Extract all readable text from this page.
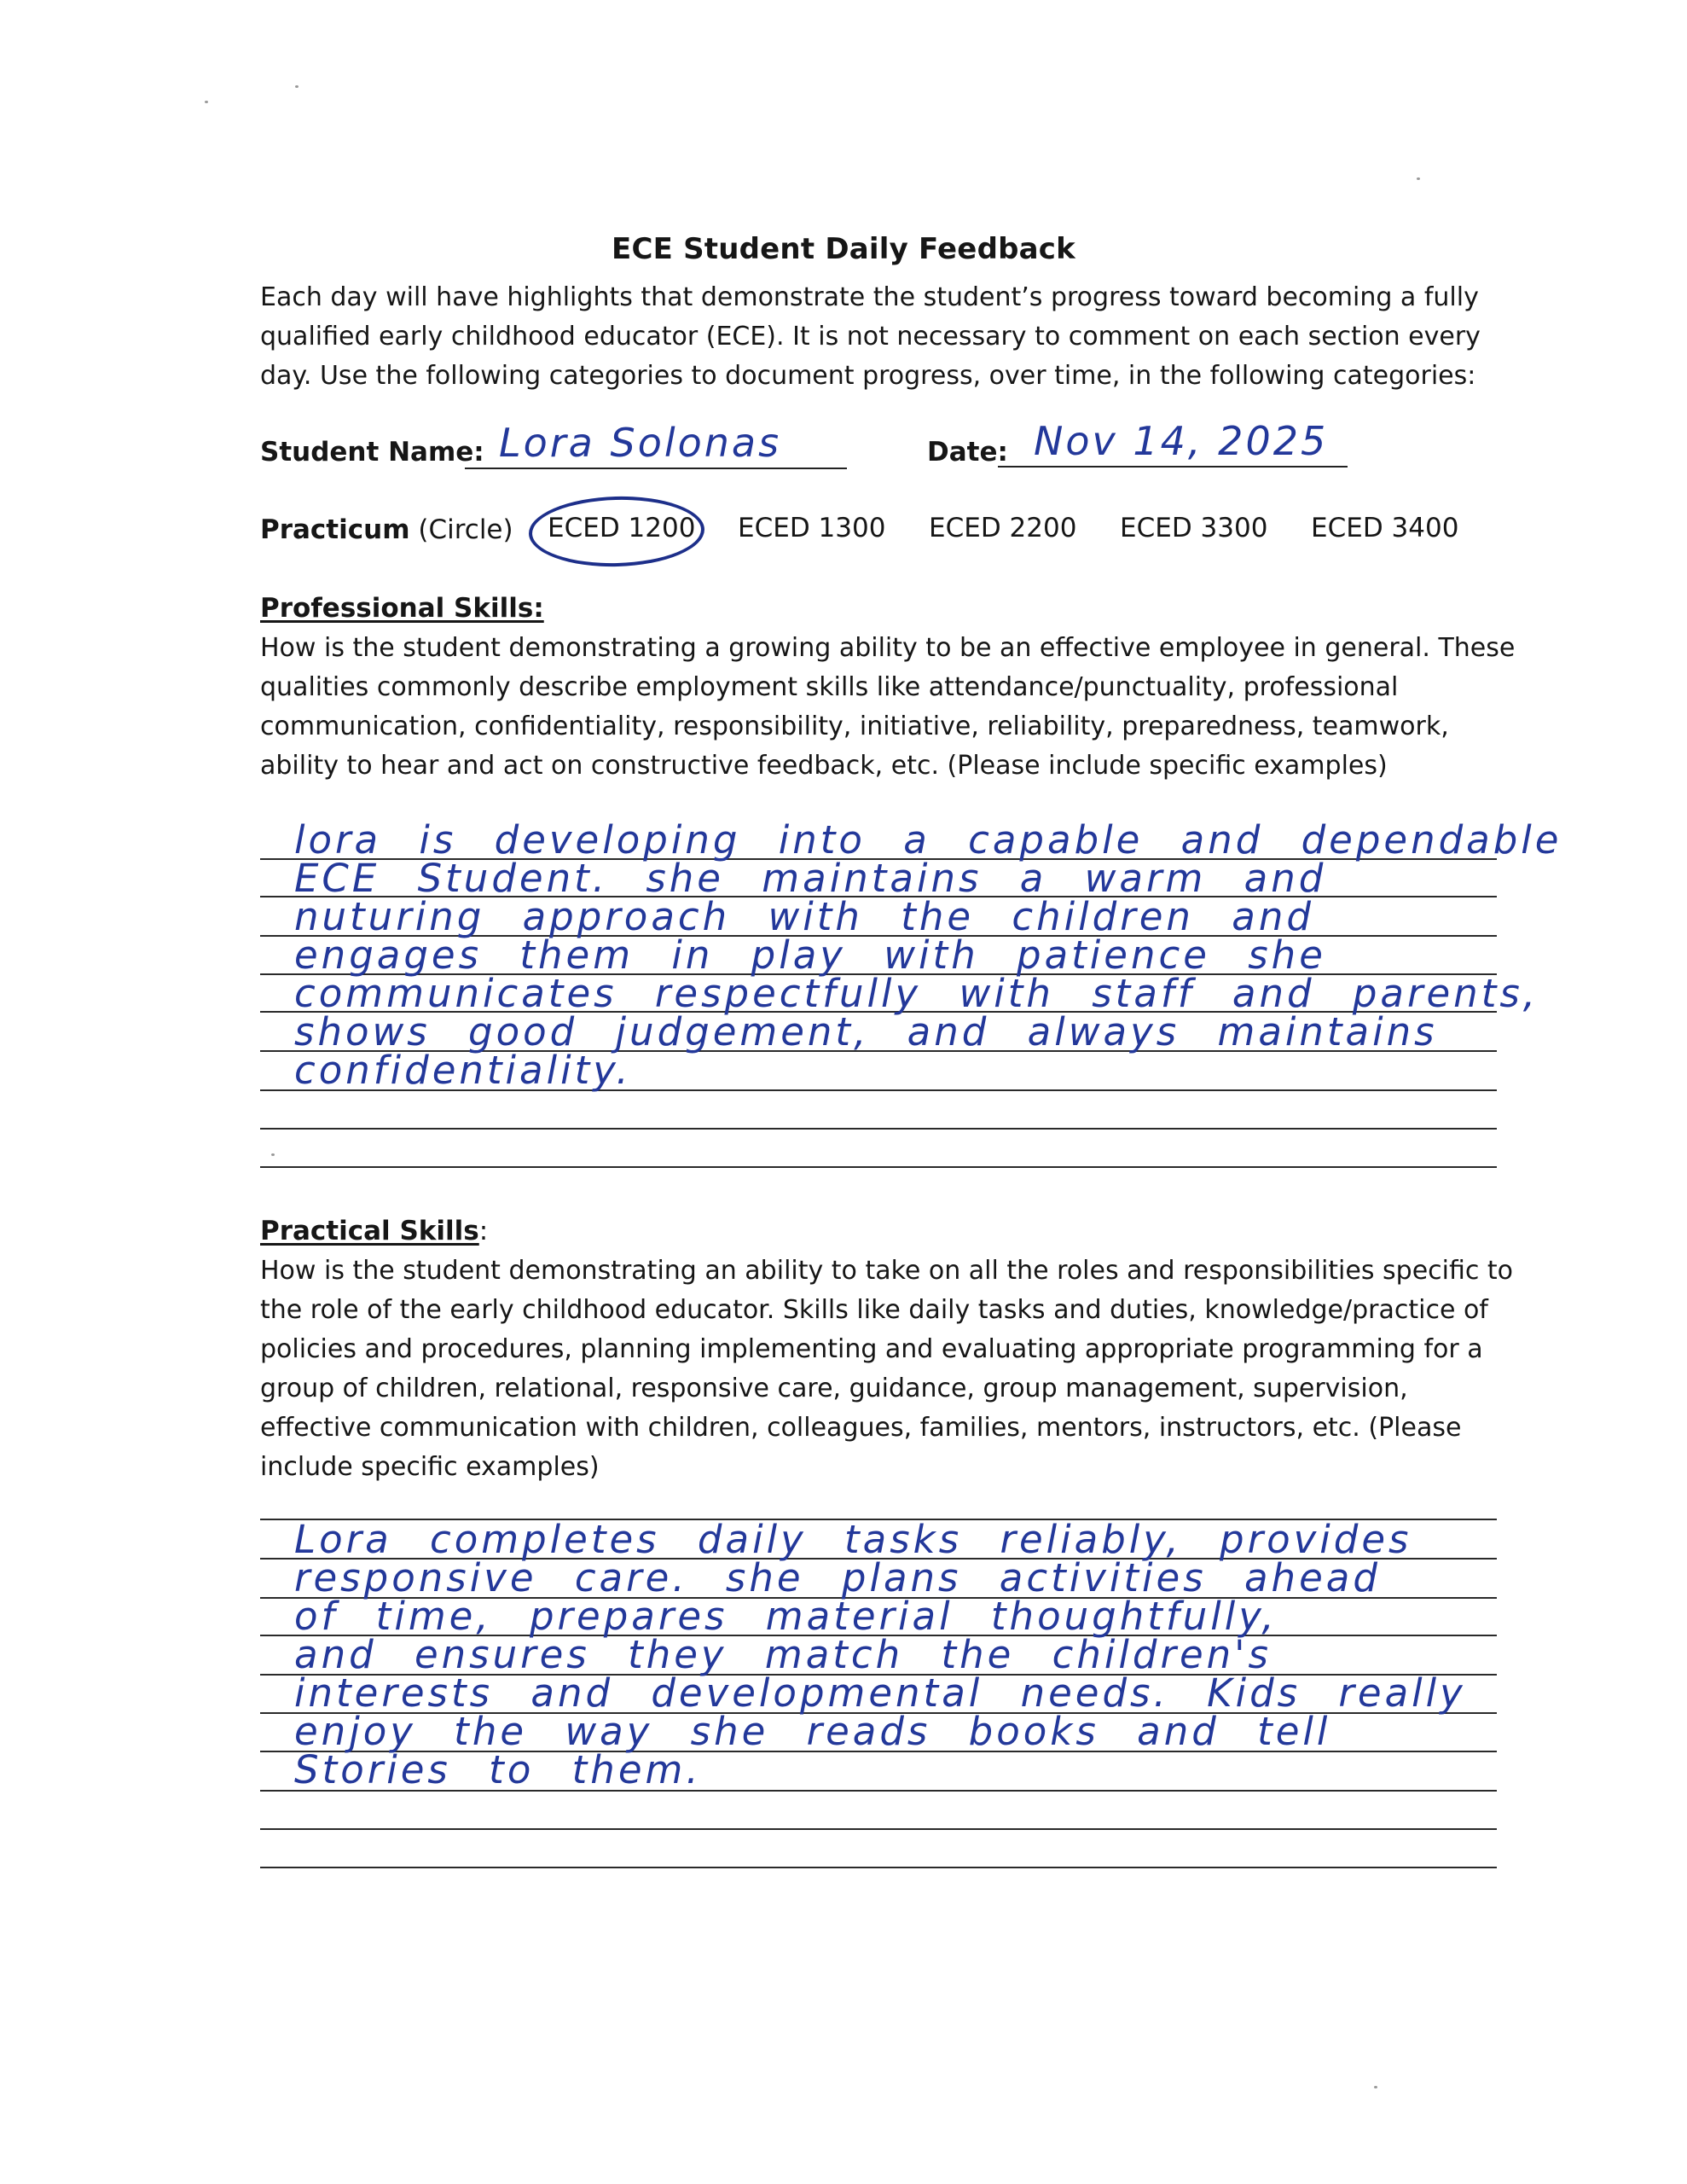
ECE Student Daily Feedback
Each day will have highlights that demonstrate the student’s progress toward becoming a fully qualified early childhood educator (ECE). It is not necessary to comment on each section every day. Use the following categories to document progress, over time, in the following categories:
Student Name: Lora Solonas	Date: Nov 14, 2025
Practicum (Circle) ECED 1200 ECED 1300 ECED 2200 ECED 3300 ECED 3400
Professional Skills:
How is the student demonstrating a growing ability to be an effective employee in general. These qualities commonly describe employment skills like attendance/punctuality, professional communication, confidentiality, responsibility, initiative, reliability, preparedness, teamwork, ability to hear and act on constructive feedback, etc. (Please include specific examples)
lora is developing into a capable and dependable
ECE Student. she maintains a warm and
nuturing approach with the children and
engages them in play with patience she
communicates respectfully with staff and parents,
shows good judgement, and always maintains
confidentiality.
Practical Skills:
How is the student demonstrating an ability to take on all the roles and responsibilities specific to the role of the early childhood educator. Skills like daily tasks and duties, knowledge/practice of policies and procedures, planning implementing and evaluating appropriate programming for a group of children, relational, responsive care, guidance, group management, supervision, effective communication with children, colleagues, families, mentors, instructors, etc. (Please include specific examples)
Lora completes daily tasks reliably, provides
responsive care. she plans activities ahead
of time, prepares material thoughtfully,
and ensures they match the children's
interests and developmental needs. Kids really
enjoy the way she reads books and tell
Stories to them.
